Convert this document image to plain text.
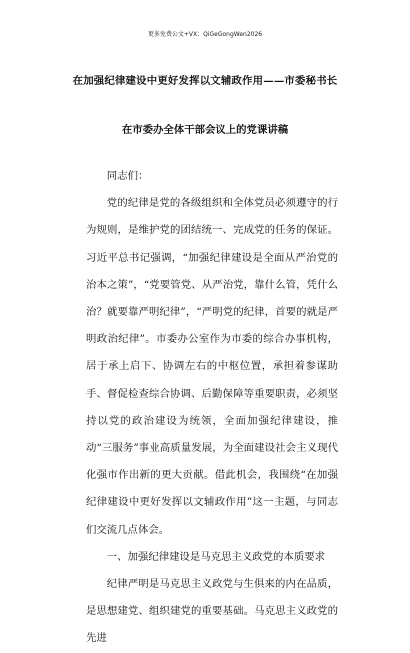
更多免费公文+VX：QiGeGongWen2026
在加强纪律建设中更好发挥以文辅政作用——市委秘书长
在市委办全体干部会议上的党课讲稿

同志们：

党的纪律是党的各级组织和全体党员必须遵守的行为规则，是维护党的团结统一、完成党的任务的保证。习近平总书记强调，“加强纪律建设是全面从严治党的治本之策”，“党要管党、从严治党，靠什么管，凭什么治？就要靠严明纪律”，“严明党的纪律，首要的就是严明政治纪律”。市委办公室作为市委的综合办事机构，居于承上启下、协调左右的中枢位置，承担着参谋助手、督促检查综合协调、后勤保障等重要职责，必须坚持以党的政治建设为统领，全面加强纪律建设，推动“三服务”事业高质量发展，为全面建设社会主义现代化强市作出新的更大贡献。借此机会，我围绕“在加强纪律建设中更好发挥以文辅政作用”这一主题，与同志们交流几点体会。

一、加强纪律建设是马克思主义政党的本质要求

纪律严明是马克思主义政党与生俱来的内在品质，是思想建党、组织建党的重要基础。马克思主义政党的先进
